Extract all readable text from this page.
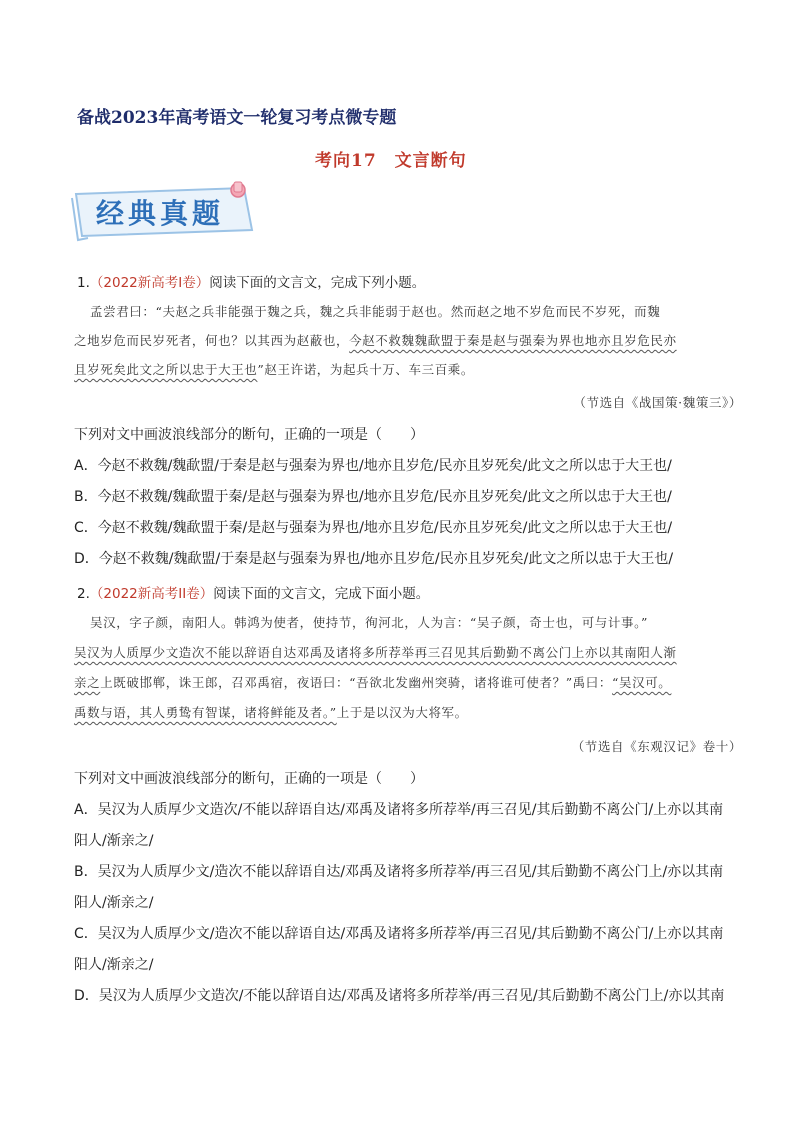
备战2023年高考语文一轮复习考点微专题
考向17 文言断句
经典真题
1.（2022新高考I卷）阅读下面的文言文，完成下列小题。
孟尝君曰：“夫赵之兵非能强于魏之兵，魏之兵非能弱于赵也。然而赵之地不岁危而民不岁死，而魏
之地岁危而民岁死者，何也？以其西为赵蔽也，今赵不救魏魏歃盟于秦是赵与强秦为界也地亦且岁危民亦
且岁死矣此文之所以忠于大王也”赵王许诺，为起兵十万、车三百乘。
（节选自《战国策·魏策三》）
下列对文中画波浪线部分的断句，正确的一项是（　　）
A．今赵不救魏/魏歃盟/于秦是赵与强秦为界也/地亦且岁危/民亦且岁死矣/此文之所以忠于大王也/
B．今赵不救魏/魏歃盟于秦/是赵与强秦为界也/地亦且岁危/民亦且岁死矣/此文之所以忠于大王也/
C．今赵不救魏/魏歃盟于秦/是赵与强秦为界也/地亦且岁危/民亦且岁死矣/此文之所以忠于大王也/
D．今赵不救魏/魏歃盟/于秦是赵与强秦为界也/地亦且岁危/民亦且岁死矣/此文之所以忠于大王也/
2.（2022新高考II卷）阅读下面的文言文，完成下面小题。
吴汉，字子颜，南阳人。韩鸿为使者，使持节，徇河北，人为言：“吴子颜，奇士也，可与计事。”
吴汉为人质厚少文造次不能以辞语自达邓禹及诸将多所荐举再三召见其后勤勤不离公门上亦以其南阳人渐
亲之上既破邯郸，诛王郎，召邓禹宿，夜语曰：“吾欲北发幽州突骑，诸将谁可使者？”禹曰：“吴汉可。
禹数与语，其人勇鸷有智谋，诸将鲜能及者。”上于是以汉为大将军。
（节选自《东观汉记》卷十）
下列对文中画波浪线部分的断句，正确的一项是（　　）
A．吴汉为人质厚少文造次/不能以辞语自达/邓禹及诸将多所荐举/再三召见/其后勤勤不离公门/上亦以其南
阳人/渐亲之/
B．吴汉为人质厚少文/造次不能以辞语自达/邓禹及诸将多所荐举/再三召见/其后勤勤不离公门上/亦以其南
阳人/渐亲之/
C．吴汉为人质厚少文/造次不能以辞语自达/邓禹及诸将多所荐举/再三召见/其后勤勤不离公门/上亦以其南
阳人/渐亲之/
D．吴汉为人质厚少文造次/不能以辞语自达/邓禹及诸将多所荐举/再三召见/其后勤勤不离公门上/亦以其南
